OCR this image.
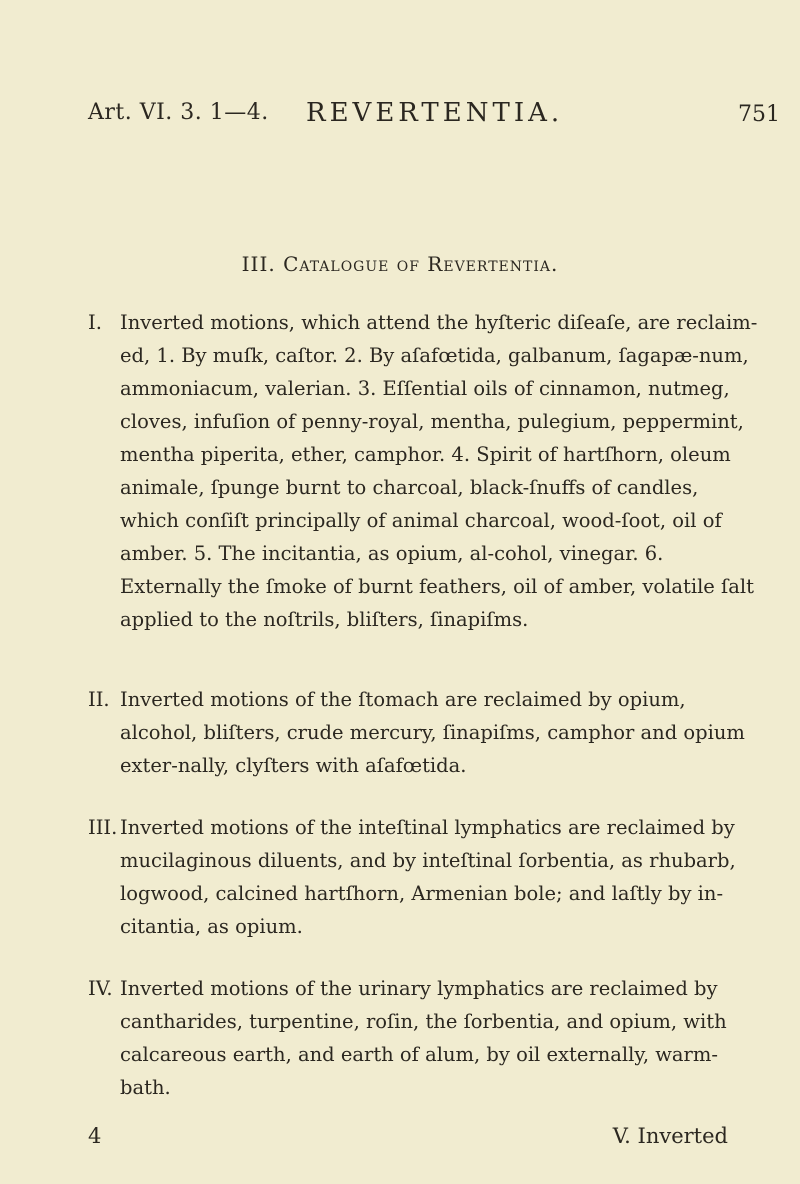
Art. VI. 3. 1—4. REVERTENTIA.	751
III. Catalogue of Revertentia.
I. Inverted motions, which attend the hyſteric diſeaſe, are reclaim-ed, 1. By muſk, caſtor. 2. By aſafœtida, galbanum, ſagapæ-num, ammoniacum, valerian. 3. Eſſential oils of cinnamon, nutmeg, cloves, infuſion of penny-royal, mentha, pulegium, peppermint, mentha piperita, ether, camphor. 4. Spirit of hartſhorn, oleum animale, ſpunge burnt to charcoal, black-ſnuffs of candles, which conſiſt principally of animal charcoal, wood-ſoot, oil of amber. 5. The incitantia, as opium, al-cohol, vinegar. 6. Externally the ſmoke of burnt feathers, oil of amber, volatile ſalt applied to the noſtrils, bliſters, ſinapiſms.
II. Inverted motions of the ſtomach are reclaimed by opium, alcohol, bliſters, crude mercury, ſinapiſms, camphor and opium exter-nally, clyſters with aſafœtida.
III. Inverted motions of the inteſtinal lymphatics are reclaimed by mucilaginous diluents, and by inteſtinal ſorbentia, as rhubarb, logwood, calcined hartſhorn, Armenian bole; and laſtly by in-citantia, as opium.
IV. Inverted motions of the urinary lymphatics are reclaimed by cantharides, turpentine, roſin, the ſorbentia, and opium, with calcareous earth, and earth of alum, by oil externally, warm-bath.
4	V. Inverted
